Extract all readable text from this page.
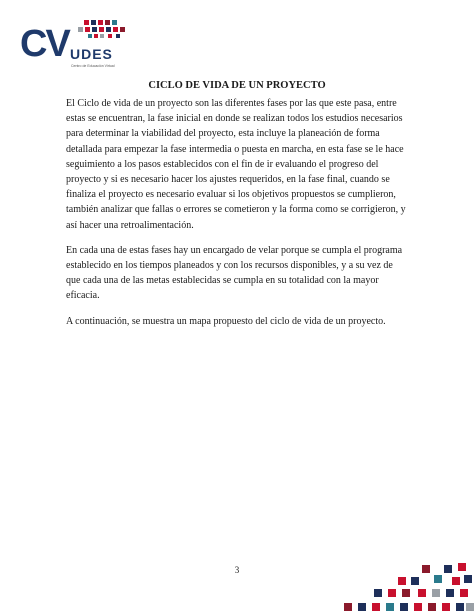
CV UDES
Centro de Educación Virtual
CICLO DE VIDA DE UN PROYECTO

El Ciclo de vida de un proyecto son las diferentes fases por las que este pasa, entre estas se encuentran, la fase inicial en donde se realizan todos los estudios necesarios para determinar la viabilidad del proyecto, esta incluye la planeación de forma detallada para empezar la fase intermedia o puesta en marcha, en esta fase se le hace seguimiento a los pasos establecidos con el fin de ir evaluando el progreso del proyecto y si es necesario hacer los ajustes requeridos, en la fase final, cuando se finaliza el proyecto es necesario evaluar si los objetivos propuestos se cumplieron, también analizar que fallas o errores se cometieron y la forma como se corrigieron, y así hacer una retroalimentación.

En cada una de estas fases hay un encargado de velar porque se cumpla el programa establecido en los tiempos planeados y con los recursos disponibles, y a su vez de que cada una de las metas establecidas se cumpla en su totalidad con la mayor eficacia.

A continuación, se muestra un mapa propuesto del ciclo de vida de un proyecto.

3
